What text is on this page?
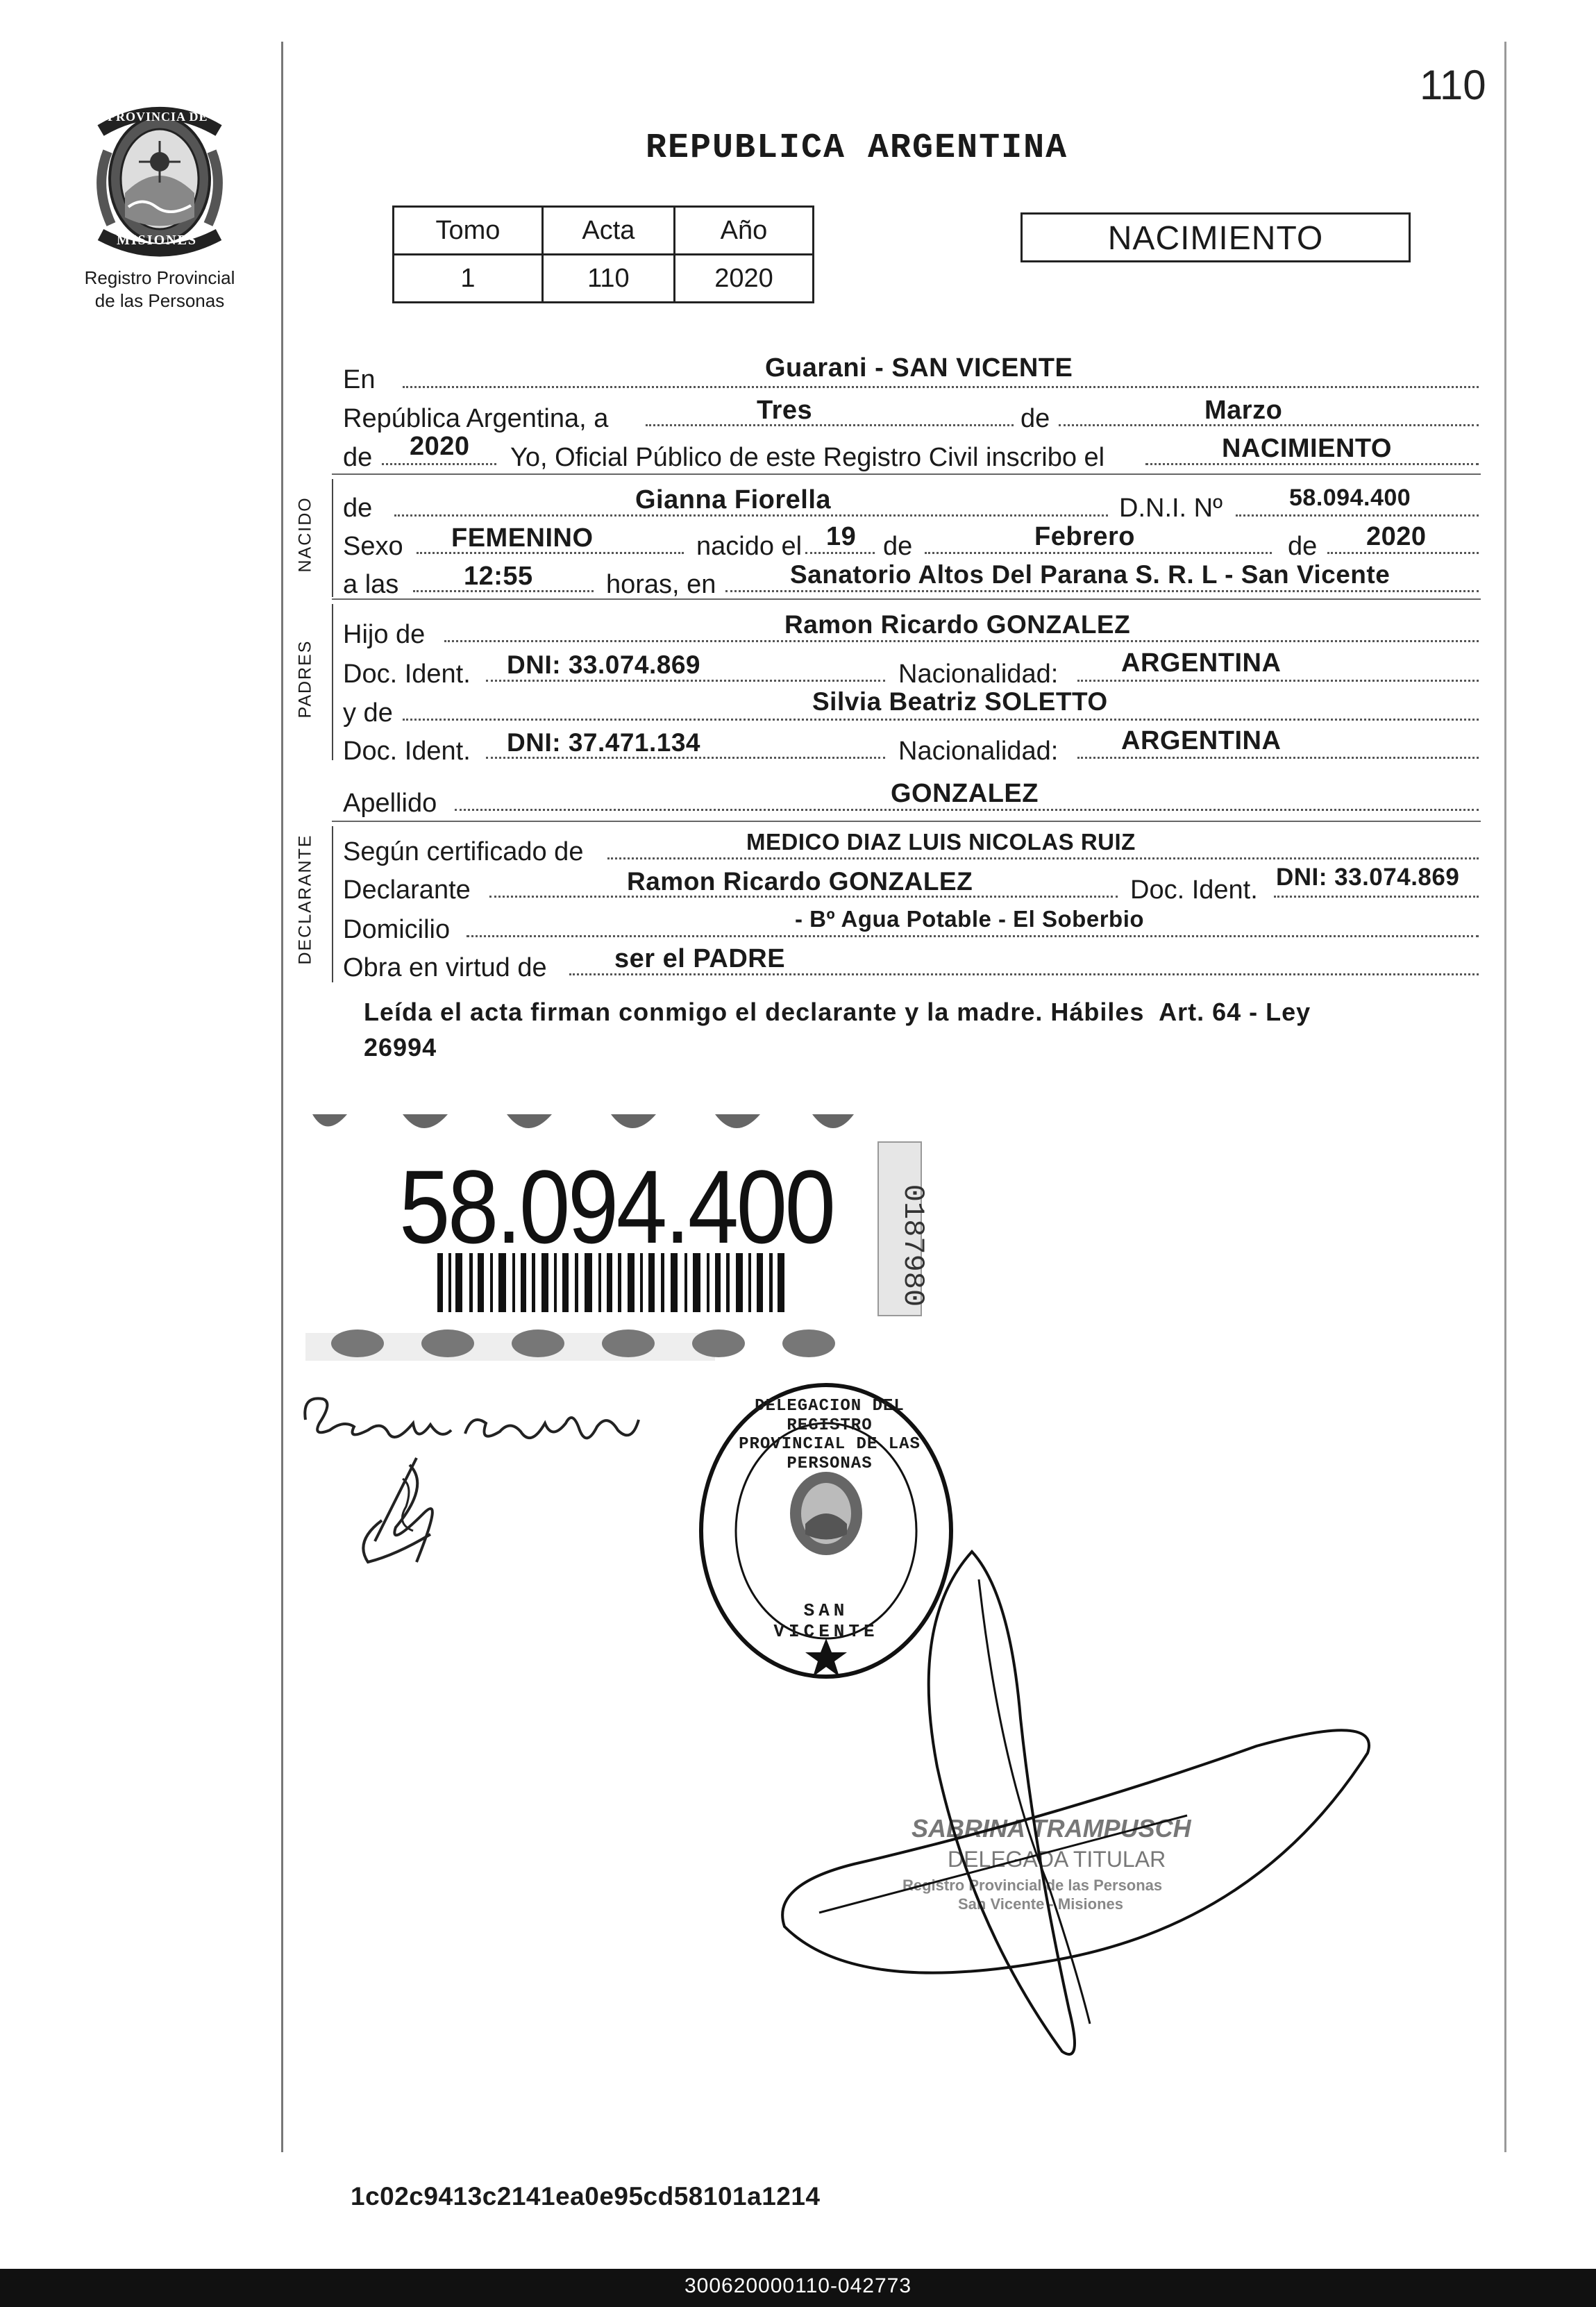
110
PROVINCIA DE
MISIONES
Registro Provincial
de las Personas
REPUBLICA ARGENTINA
Tomo	Acta	Año
1	110	2020
NACIMIENTO
En	Guarani - SAN VICENTE
República Argentina, a	Tres	de	Marzo
de 2020 Yo, Oficial Público de este Registro Civil inscribo el	NACIMIENTO
NACIDO de	Gianna Fiorella	D.N.I. Nº	58.094.400
Sexo FEMENINO	nacido el 19 de	Febrero	de 2020
a las 12:55	horas, en	Sanatorio Altos Del Parana S. R. L - San Vicente
PADRES
Hijo de	Ramon Ricardo GONZALEZ
Doc. Ident. DNI: 33.074.869	Nacionalidad: ARGENTINA
y de	Silvia Beatriz SOLETTO
Doc. Ident. DNI: 37.471.134	Nacionalidad: ARGENTINA
Apellido	GONZALEZ
DECLARANTE Según certificado de	MEDICO DIAZ LUIS NICOLAS RUIZ
Declarante	Ramon Ricardo GONZALEZ	Doc. Ident. DNI: 33.074.869
Domicilio	- Bº Agua Potable - El Soberbio
Obra en virtud de	ser el PADRE
Leída el acta firman conmigo el declarante y la madre. Hábiles  Art. 64 - Ley
26994
58.094.400 0187980
DELEGACION DEL REGISTRO PROVINCIAL DE LAS PERSONAS
SAN VICENTE
SABRINA TRAMPUSCH
DELEGADA TITULAR
Registro Provincial de las Personas
San Vicente - Misiones
1c02c9413c2141ea0e95cd58101a1214
300620000110-042773
